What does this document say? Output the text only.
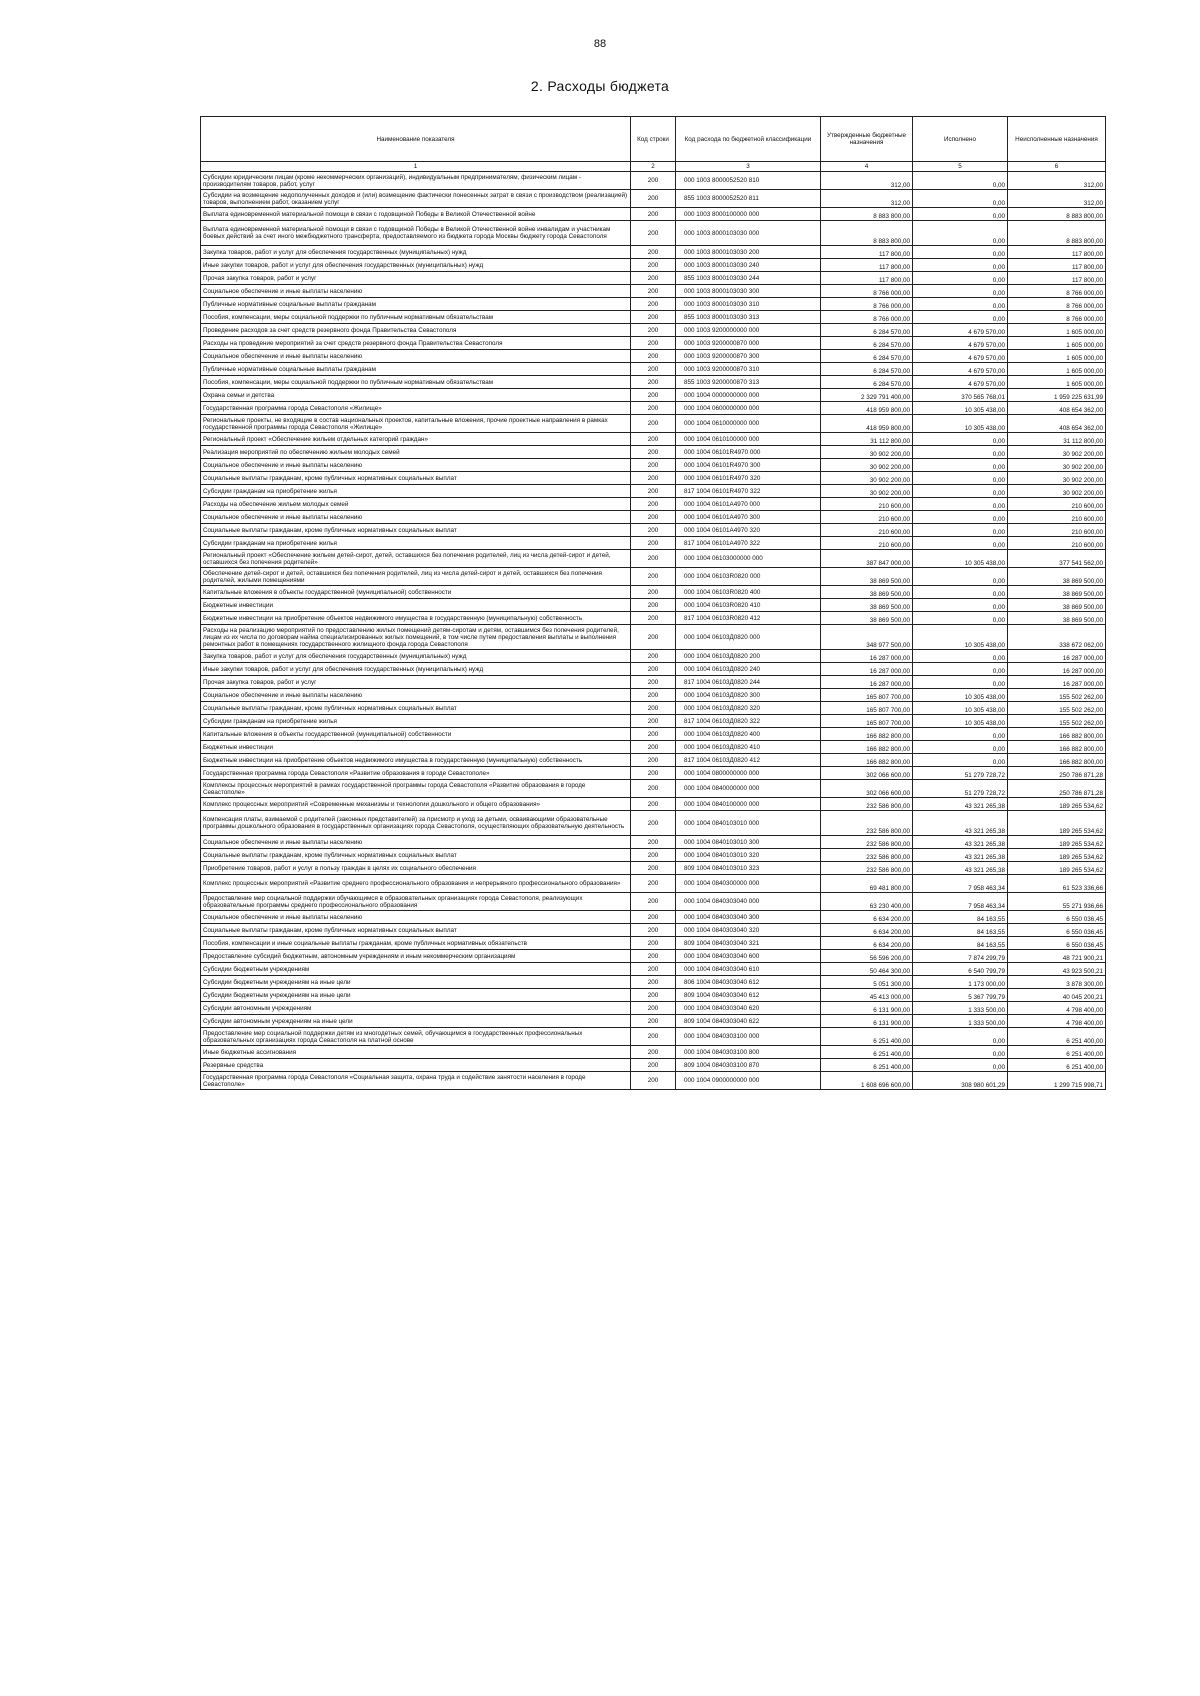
88
2. Расходы бюджета
Наименование показателя	Код строки	Код расхода по бюджетной классификации	Утвержденные бюджетные назначения	Исполнено	Неисполненные назначения
1	2	3	4	5	6
Субсидии юридическим лицам (кроме некоммерческих организаций), индивидуальным предпринимателям, физическим лицам - производителям товаров, работ, услуг	200	000 1003 8000052520 810	312,00	0,00	312,00
Субсидии на возмещение недополученных доходов и (или) возмещение фактически понесенных затрат в связи с производством (реализацией) товаров, выполнением работ, оказанием услуг	200	855 1003 8000052520 811	312,00	0,00	312,00
Выплата единовременной материальной помощи в связи с годовщиной Победы в Великой Отечественной войне	200	000 1003 8000100000 000	8 883 800,00	0,00	8 883 800,00
Выплата единовременной материальной помощи в связи с годовщиной Победы в Великой Отечественной войне инвалидам и участникам боевых действий за счет иного межбюджетного трансферта, предоставляемого из бюджета города Москвы бюджету города Севастополя	200	000 1003 8000103030 000	8 883 800,00	0,00	8 883 800,00
Закупка товаров, работ и услуг для обеспечения государственных (муниципальных) нужд	200	000 1003 8000103030 200	117 800,00	0,00	117 800,00
Иные закупки товаров, работ и услуг для обеспечения государственных (муниципальных) нужд	200	000 1003 8000103030 240	117 800,00	0,00	117 800,00
Прочая закупка товаров, работ и услуг	200	855 1003 8000103030 244	117 800,00	0,00	117 800,00
Социальное обеспечение и иные выплаты населению	200	000 1003 8000103030 300	8 766 000,00	0,00	8 766 000,00
Публичные нормативные социальные выплаты гражданам	200	000 1003 8000103030 310	8 766 000,00	0,00	8 766 000,00
Пособия, компенсации, меры социальной поддержки по публичным нормативным обязательствам	200	855 1003 8000103030 313	8 766 000,00	0,00	8 766 000,00
Проведение расходов за счет средств резервного фонда Правительства Севастополя	200	000 1003 9200000000 000	6 284 570,00	4 679 570,00	1 605 000,00
Расходы на проведение мероприятий за счет средств резервного фонда Правительства Севастополя	200	000 1003 9200000870 000	6 284 570,00	4 679 570,00	1 605 000,00
Социальное обеспечение и иные выплаты населению	200	000 1003 9200000870 300	6 284 570,00	4 679 570,00	1 605 000,00
Публичные нормативные социальные выплаты гражданам	200	000 1003 9200000870 310	6 284 570,00	4 679 570,00	1 605 000,00
Пособия, компенсации, меры социальной поддержки по публичным нормативным обязательствам	200	855 1003 9200000870 313	6 284 570,00	4 679 570,00	1 605 000,00
Охрана семьи и детства	200	000 1004 0000000000 000	2 329 791 400,00	370 565 768,01	1 959 225 631,99
Государственная программа города Севастополя «Жилище»	200	000 1004 0600000000 000	418 959 800,00	10 305 438,00	408 654 362,00
Региональные проекты, не входящие в состав национальных проектов, капитальные вложения, прочие проектные направления в рамках государственной программы города Севастополя «Жилище»	200	000 1004 0610000000 000	418 959 800,00	10 305 438,00	408 654 362,00
Региональный проект «Обеспечение жильем отдельных категорий граждан»	200	000 1004 0610100000 000	31 112 800,00	0,00	31 112 800,00
Реализация мероприятий по обеспечению жильем молодых семей	200	000 1004 06101R4970 000	30 902 200,00	0,00	30 902 200,00
Социальное обеспечение и иные выплаты населению	200	000 1004 06101R4970 300	30 902 200,00	0,00	30 902 200,00
Социальные выплаты гражданам, кроме публичных нормативных социальных выплат	200	000 1004 06101R4970 320	30 902 200,00	0,00	30 902 200,00
Субсидии гражданам на приобретение жилья	200	817 1004 06101R4970 322	30 902 200,00	0,00	30 902 200,00
Расходы на обеспечение жильем молодых семей	200	000 1004 06101A4970 000	210 600,00	0,00	210 600,00
Социальное обеспечение и иные выплаты населению	200	000 1004 06101A4970 300	210 600,00	0,00	210 600,00
Социальные выплаты гражданам, кроме публичных нормативных социальных выплат	200	000 1004 06101A4970 320	210 600,00	0,00	210 600,00
Субсидии гражданам на приобретение жилья	200	817 1004 06101A4970 322	210 600,00	0,00	210 600,00
Региональный проект «Обеспечение жильем детей-сирот, детей, оставшихся без попечения родителей, лиц из числа детей-сирот и детей, оставшихся без попечения родителей»	200	000 1004 06103000000 000	387 847 000,00	10 305 438,00	377 541 562,00
Обеспечение детей-сирот и детей, оставшихся без попечения родителей, лиц из числа детей-сирот и детей, оставшихся без попечения родителей, жилыми помещениями	200	000 1004 06103R0820 000	38 869 500,00	0,00	38 869 500,00
Капитальные вложения в объекты государственной (муниципальной) собственности	200	000 1004 06103R0820 400	38 869 500,00	0,00	38 869 500,00
Бюджетные инвестиции	200	000 1004 06103R0820 410	38 869 500,00	0,00	38 869 500,00
Бюджетные инвестиции на приобретение объектов недвижимого имущества в государственную (муниципальную) собственность	200	817 1004 06103R0820 412	38 869 500,00	0,00	38 869 500,00
Расходы на реализацию мероприятий по предоставлению жилых помещений детям-сиротам и детям, оставшимся без попечения родителей, лицам из их числа по договорам найма специализированных жилых помещений, в том числе путем предоставления выплаты и выполнения ремонтных работ в помещениях государственного жилищного фонда города Севастополя	200	000 1004 06103Д0820 000	348 977 500,00	10 305 438,00	338 672 062,00
Закупка товаров, работ и услуг для обеспечения государственных (муниципальных) нужд	200	000 1004 06103Д0820 200	16 287 000,00	0,00	16 287 000,00
Иные закупки товаров, работ и услуг для обеспечения государственных (муниципальных) нужд	200	000 1004 06103Д0820 240	16 287 000,00	0,00	16 287 000,00
Прочая закупка товаров, работ и услуг	200	817 1004 06103Д0820 244	16 287 000,00	0,00	16 287 000,00
Социальное обеспечение и иные выплаты населению	200	000 1004 06103Д0820 300	165 807 700,00	10 305 438,00	155 502 262,00
Социальные выплаты гражданам, кроме публичных нормативных социальных выплат	200	000 1004 06103Д0820 320	165 807 700,00	10 305 438,00	155 502 262,00
Субсидии гражданам на приобретение жилья	200	817 1004 06103Д0820 322	165 807 700,00	10 305 438,00	155 502 262,00
Капитальные вложения в объекты государственной (муниципальной) собственности	200	000 1004 06103Д0820 400	166 882 800,00	0,00	166 882 800,00
Бюджетные инвестиции	200	000 1004 06103Д0820 410	166 882 800,00	0,00	166 882 800,00
Бюджетные инвестиции на приобретение объектов недвижимого имущества в государственную (муниципальную) собственность	200	817 1004 06103Д0820 412	166 882 800,00	0,00	166 882 800,00
Государственная программа города Севастополя «Развитие образования в городе Севастополе»	200	000 1004 0800000000 000	302 066 600,00	51 279 728,72	250 786 871,28
Комплексы процессных мероприятий в рамках государственной программы города Севастополя «Развитие образования в городе Севастополе»	200	000 1004 0840000000 000	302 066 600,00	51 279 728,72	250 786 871,28
Комплекс процессных мероприятий «Современные механизмы и технологии дошкольного и общего образования»	200	000 1004 0840100000 000	232 586 800,00	43 321 265,38	189 265 534,62
Компенсация платы, взимаемой с родителей (законных представителей) за присмотр и уход за детьми, осваивающими образовательные программы дошкольного образования в государственных организациях города Севастополя, осуществляющих образовательную деятельность	200	000 1004 0840103010 000	232 586 800,00	43 321 265,38	189 265 534,62
Социальное обеспечение и иные выплаты населению	200	000 1004 0840103010 300	232 586 800,00	43 321 265,38	189 265 534,62
Социальные выплаты гражданам, кроме публичных нормативных социальных выплат	200	000 1004 0840103010 320	232 586 800,00	43 321 265,38	189 265 534,62
Приобретение товаров, работ и услуг в пользу граждан в целях их социального обеспечения	200	809 1004 0840103010 323	232 586 800,00	43 321 265,38	189 265 534,62
Комплекс процессных мероприятий «Развитие среднего профессионального образования и непрерывного профессионального образования»	200	000 1004 0840300000 000	69 481 800,00	7 958 463,34	61 523 336,66
Предоставление мер социальной поддержки обучающимся в образовательных организациях города Севастополя, реализующих образовательные программы среднего профессионального образования	200	000 1004 0840303040 000	63 230 400,00	7 958 463,34	55 271 936,66
Социальное обеспечение и иные выплаты населению	200	000 1004 0840303040 300	6 634 200,00	84 163,55	6 550 036,45
Социальные выплаты гражданам, кроме публичных нормативных социальных выплат	200	000 1004 0840303040 320	6 634 200,00	84 163,55	6 550 036,45
Пособия, компенсации и иные социальные выплаты гражданам, кроме публичных нормативных обязательств	200	809 1004 0840303040 321	6 634 200,00	84 163,55	6 550 036,45
Предоставление субсидий бюджетным, автономным учреждениям и иным некоммерческим организациям	200	000 1004 0840303040 600	56 596 200,00	7 874 299,79	48 721 900,21
Субсидии бюджетным учреждениям	200	000 1004 0840303040 610	50 464 300,00	6 540 799,79	43 923 500,21
Субсидии бюджетным учреждениям на иные цели	200	806 1004 0840303040 612	5 051 300,00	1 173 000,00	3 878 300,00
Субсидии бюджетным учреждениям на иные цели	200	809 1004 0840303040 612	45 413 000,00	5 367 799,79	40 045 200,21
Субсидии автономным учреждениям	200	000 1004 0840303040 620	6 131 900,00	1 333 500,00	4 798 400,00
Субсидии автономным учреждениям на иные цели	200	809 1004 0840303040 622	6 131 900,00	1 333 500,00	4 798 400,00
Предоставление мер социальной поддержки детям из многодетных семей, обучающимся в государственных профессиональных образовательных организациях города Севастополя на платной основе	200	000 1004 0840303100 000	6 251 400,00	0,00	6 251 400,00
Иные бюджетные ассигнования	200	000 1004 0840303100 800	6 251 400,00	0,00	6 251 400,00
Резервные средства	200	809 1004 0840303100 870	6 251 400,00	0,00	6 251 400,00
Государственная программа города Севастополя «Социальная защита, охрана труда и содействие занятости населения в городе Севастополе»	200	000 1004 0900000000 000	1 608 696 600,00	308 980 601,29	1 299 715 998,71
